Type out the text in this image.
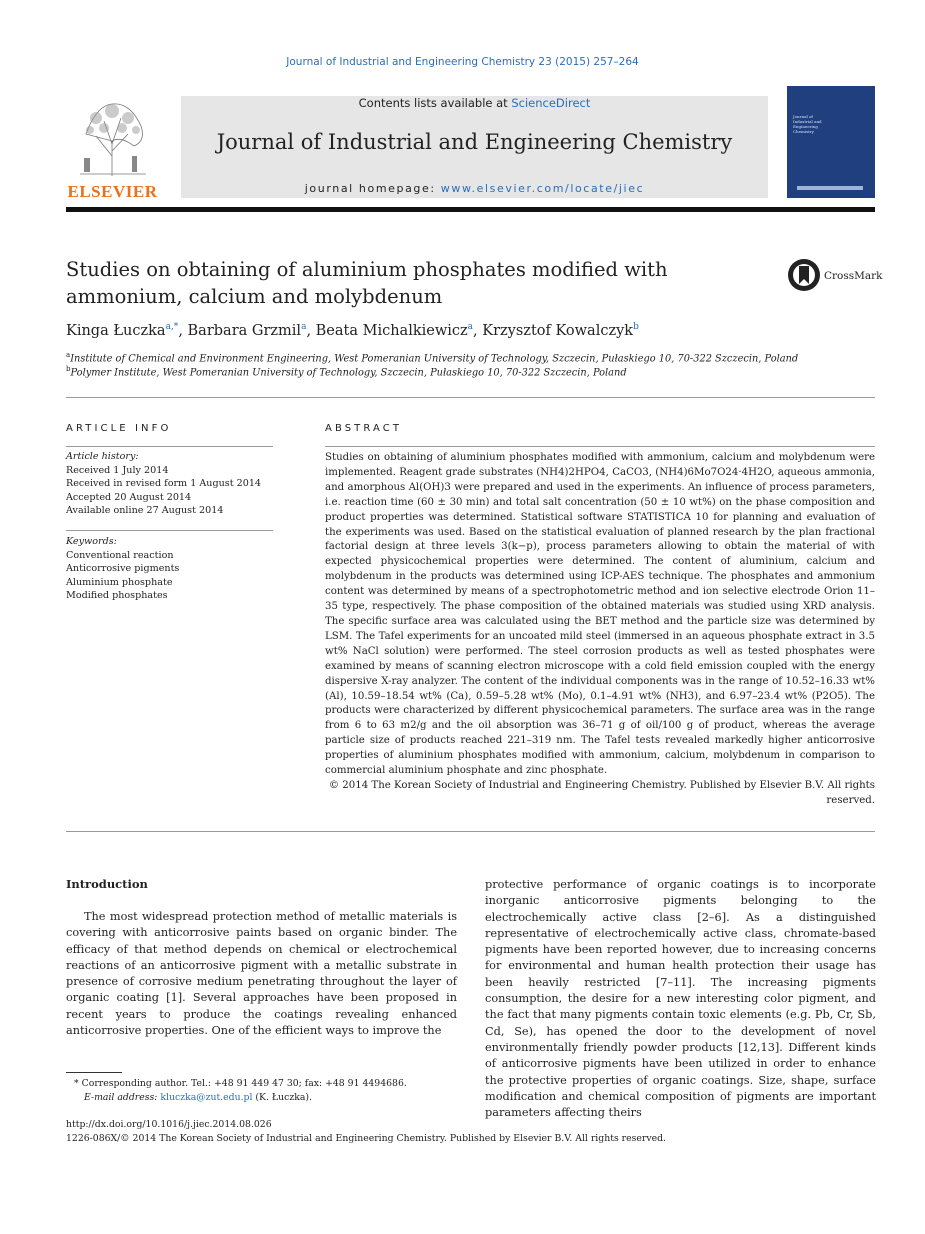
Journal of Industrial and Engineering Chemistry 23 (2015) 257–264
ELSEVIER
Contents lists available at ScienceDirect
Journal of Industrial and Engineering Chemistry
journal homepage: www.elsevier.com/locate/jiec
Journal of
Industrial and
Engineering
Chemistry
Studies on obtaining of aluminium phosphates modified with ammonium, calcium and molybdenum
CrossMark
Kinga Łuczka$^{a,*}$, Barbara Grzmil$^a$, Beata Michalkiewicz$^a$, Krzysztof Kowalczyk$^b$
$^a$Institute of Chemical and Environment Engineering, West Pomeranian University of Technology, Szczecin, Pułaskiego 10, 70-322 Szczecin, Poland
$^b$Polymer Institute, West Pomeranian University of Technology, Szczecin, Pułaskiego 10, 70-322 Szczecin, Poland
ARTICLE INFO
Article history:
Received 1 July 2014
Received in revised form 1 August 2014
Accepted 20 August 2014
Available online 27 August 2014
Keywords:
Conventional reaction
Anticorrosive pigments
Aluminium phosphate
Modified phosphates
ABSTRACT
Studies on obtaining of aluminium phosphates modified with ammonium, calcium and molybdenum were implemented. Reagent grade substrates (NH4)2HPO4, CaCO3, (NH4)6Mo7O24·4H2O, aqueous ammonia, and amorphous Al(OH)3 were prepared and used in the experiments. An influence of process parameters, i.e. reaction time (60 ± 30 min) and total salt concentration (50 ± 10 wt%) on the phase composition and product properties was determined. Statistical software STATISTICA 10 for planning and evaluation of the experiments was used. Based on the statistical evaluation of planned research by the plan fractional factorial design at three levels 3(k−p), process parameters allowing to obtain the material of with expected physicochemical properties were determined. The content of aluminium, calcium and molybdenum in the products was determined using ICP-AES technique. The phosphates and ammonium content was determined by means of a spectrophotometric method and ion selective electrode Orion 11–35 type, respectively. The phase composition of the obtained materials was studied using XRD analysis. The specific surface area was calculated using the BET method and the particle size was determined by LSM. The Tafel experiments for an uncoated mild steel (immersed in an aqueous phosphate extract in 3.5 wt% NaCl solution) were performed. The steel corrosion products as well as tested phosphates were examined by means of scanning electron microscope with a cold field emission coupled with the energy dispersive X-ray analyzer. The content of the individual components was in the range of 10.52–16.33 wt% (Al), 10.59–18.54 wt% (Ca), 0.59–5.28 wt% (Mo), 0.1–4.91 wt% (NH3), and 6.97–23.4 wt% (P2O5). The products were characterized by different physicochemical parameters. The surface area was in the range from 6 to 63 m2/g and the oil absorption was 36–71 g of oil/100 g of product, whereas the average particle size of products reached 221–319 nm. The Tafel tests revealed markedly higher anticorrosive properties of aluminium phosphates modified with ammonium, calcium, molybdenum in comparison to commercial aluminium phosphate and zinc phosphate.
© 2014 The Korean Society of Industrial and Engineering Chemistry. Published by Elsevier B.V. All rights reserved.
Introduction
The most widespread protection method of metallic materials is covering with anticorrosive paints based on organic binder. The efficacy of that method depends on chemical or electrochemical reactions of an anticorrosive pigment with a metallic substrate in presence of corrosive medium penetrating throughout the layer of organic coating [1]. Several approaches have been proposed in recent years to produce the coatings revealing enhanced anticorrosive properties. One of the efficient ways to improve the
protective performance of organic coatings is to incorporate inorganic anticorrosive pigments belonging to the electrochemically active class [2–6]. As a distinguished representative of electrochemically active class, chromate-based pigments have been reported however, due to increasing concerns for environmental and human health protection their usage has been heavily restricted [7–11]. The increasing pigments consumption, the desire for a new interesting color pigment, and the fact that many pigments contain toxic elements (e.g. Pb, Cr, Sb, Cd, Se), has opened the door to the development of novel environmentally friendly powder products [12,13]. Different kinds of anticorrosive pigments have been utilized in order to enhance the protective properties of organic coatings. Size, shape, surface modification and chemical composition of pigments are important parameters affecting theirs
* Corresponding author. Tel.: +48 91 449 47 30; fax: +48 91 4494686.
E-mail address: kluczka@zut.edu.pl (K. Łuczka).
http://dx.doi.org/10.1016/j.jiec.2014.08.026
1226-086X/© 2014 The Korean Society of Industrial and Engineering Chemistry. Published by Elsevier B.V. All rights reserved.
